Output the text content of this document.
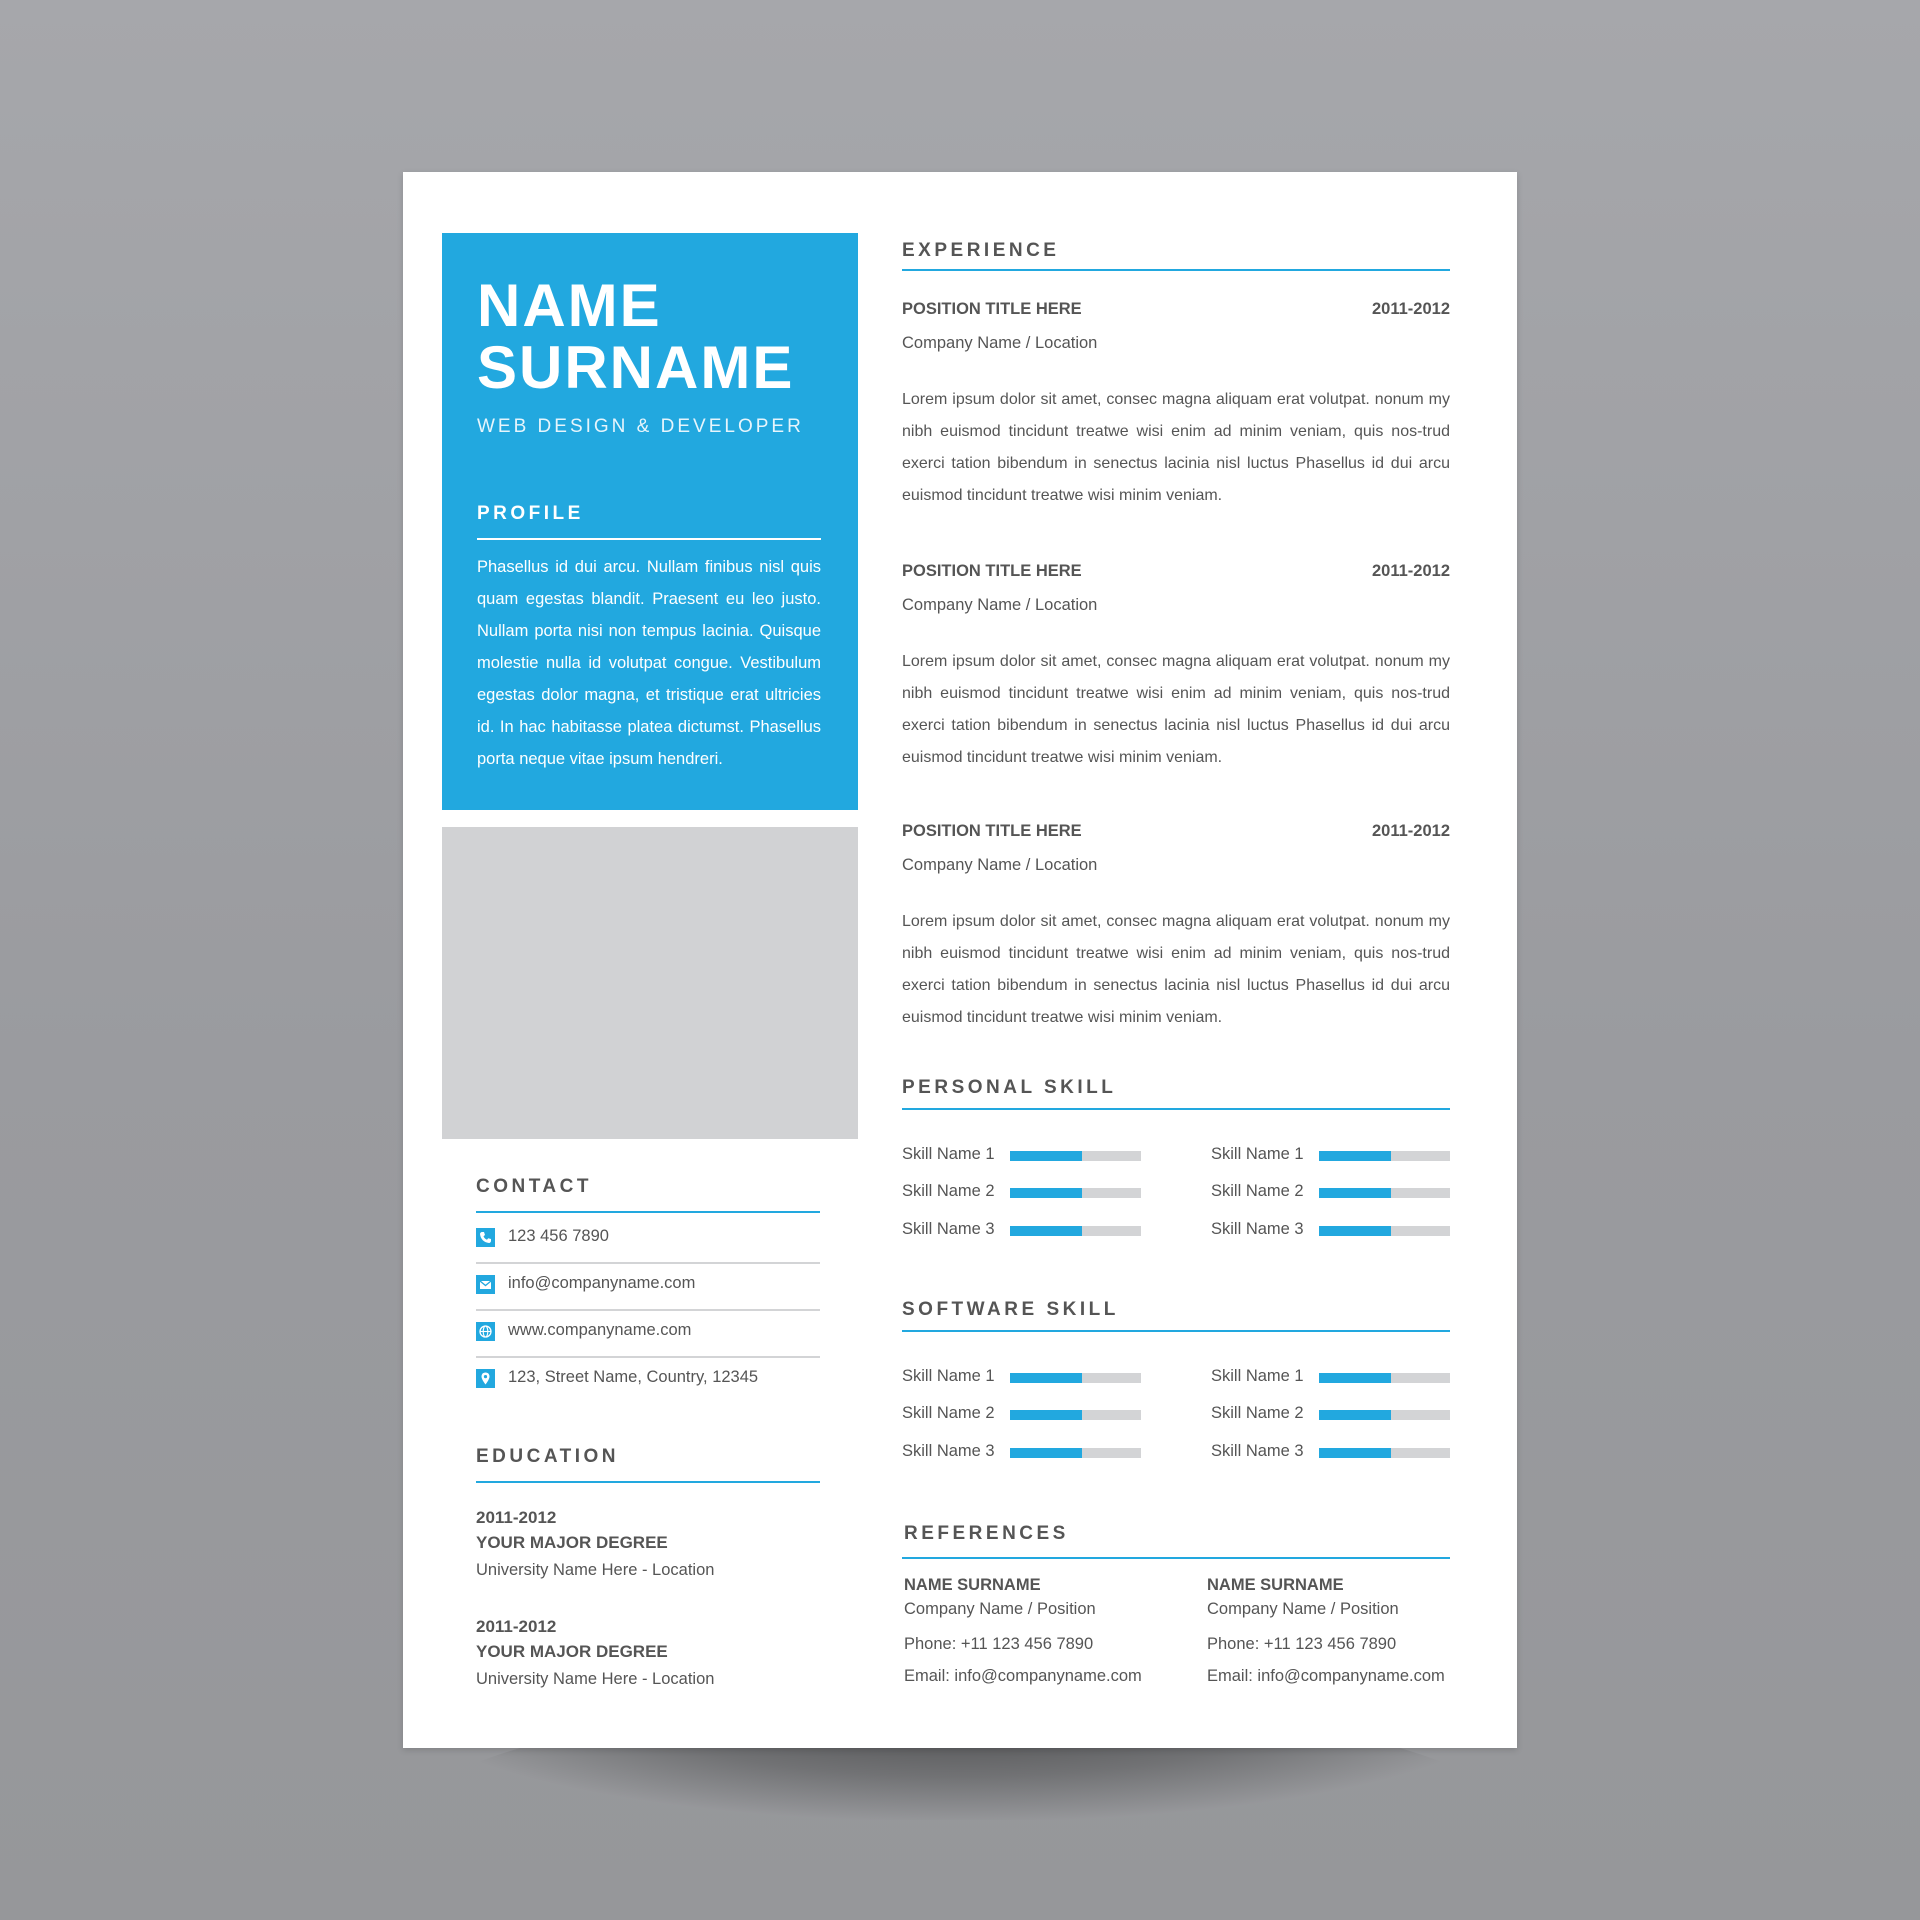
NAME
SURNAME
WEB DESIGN & DEVELOPER
PROFILE
Phasellus id dui arcu. Nullam finibus nisl quis quam egestas blandit. Praesent eu leo justo. Nullam porta nisi non tempus lacinia. Quisque molestie nulla id volutpat congue. Vestibulum egestas dolor magna, et tristique erat ultricies id. In hac habitasse platea dictumst. Phasellus porta neque vitae ipsum hendreri.
CONTACT
123 456 7890
info@companyname.com
www.companyname.com
123, Street Name, Country, 12345
EDUCATION
2011-2012
YOUR MAJOR DEGREE
University Name Here - Location
2011-2012
YOUR MAJOR DEGREE
University Name Here - Location
EXPERIENCE
POSITION TITLE HERE	2011-2012
Company Name / Location
Lorem ipsum dolor sit amet, consec magna aliquam erat volutpat. nonum my nibh euismod tincidunt treatwe wisi enim ad minim veniam, quis nos-trud exerci tation bibendum in senectus lacinia nisl luctus Phasellus id dui arcu euismod tincidunt treatwe wisi minim veniam.
POSITION TITLE HERE	2011-2012
Company Name / Location
Lorem ipsum dolor sit amet, consec magna aliquam erat volutpat. nonum my nibh euismod tincidunt treatwe wisi enim ad minim veniam, quis nos-trud exerci tation bibendum in senectus lacinia nisl luctus Phasellus id dui arcu euismod tincidunt treatwe wisi minim veniam.
POSITION TITLE HERE	2011-2012
Company Name / Location
Lorem ipsum dolor sit amet, consec magna aliquam erat volutpat. nonum my nibh euismod tincidunt treatwe wisi enim ad minim veniam, quis nos-trud exerci tation bibendum in senectus lacinia nisl luctus Phasellus id dui arcu euismod tincidunt treatwe wisi minim veniam.
PERSONAL SKILL
Skill Name 1
Skill Name 2
Skill Name 3
Skill Name 1
Skill Name 2
Skill Name 3
SOFTWARE SKILL
Skill Name 1
Skill Name 2
Skill Name 3
Skill Name 1
Skill Name 2
Skill Name 3
REFERENCES
NAME SURNAME
Company Name / Position
Phone: +11 123 456 7890
Email: info@companyname.com
NAME SURNAME
Company Name / Position
Phone: +11 123 456 7890
Email: info@companyname.com
